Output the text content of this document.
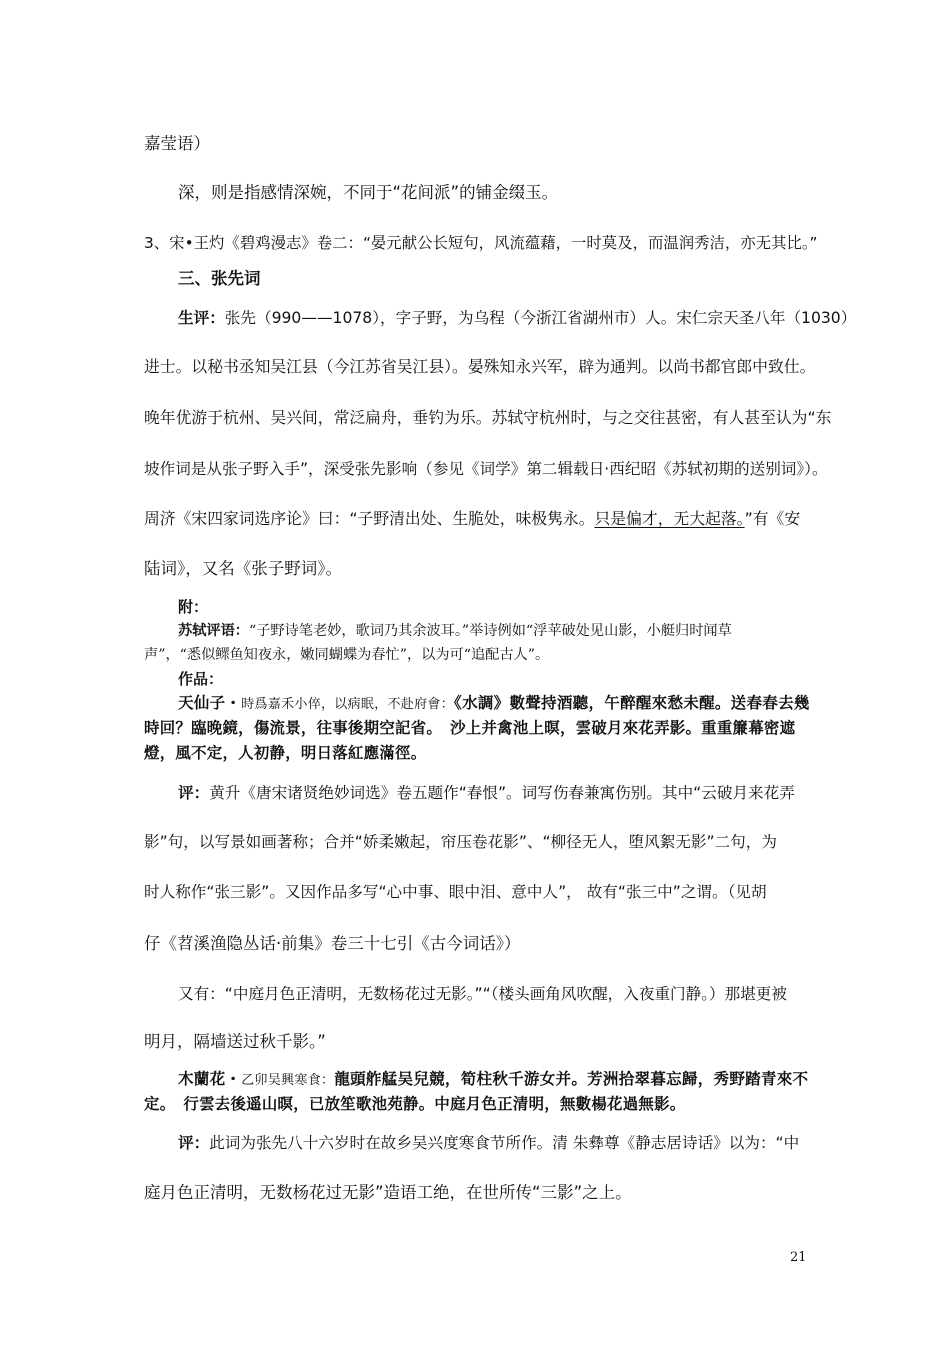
嘉莹语）
深，则是指感情深婉，不同于“花间派”的铺金缀玉。
3、宋•王灼《碧鸡漫志》卷二：“晏元献公长短句，风流蕴藉，一时莫及，而温润秀洁，亦无其比。”
三、张先词
生评：张先（990——1078），字子野，为乌程（今浙江省湖州市）人。宋仁宗天圣八年（1030）
进士。以秘书丞知吴江县（今江苏省吴江县）。晏殊知永兴军，辟为通判。以尚书都官郎中致仕。
晚年优游于杭州、吴兴间，常泛扁舟，垂钓为乐。苏轼守杭州时，与之交往甚密，有人甚至认为“东
坡作词是从张子野入手”，深受张先影响（参见《词学》第二辑载日·西纪昭《苏轼初期的送别词》）。
周济《宋四家词选序论》曰：“子野清出处、生脆处，味极隽永。只是偏才，无大起落。”有《安
陆词》，又名《张子野词》。
附：
苏轼评语：“子野诗笔老妙，歌词乃其余波耳。”举诗例如“浮苹破处见山影，小艇归时闻草
声”，“悉似鳏鱼知夜永，嫩同蝴蝶为春忙”，以为可“追配古人”。
作品：
天仙子・時爲嘉禾小倅，以病眠，不赴府會：《水調》數聲持酒聽，午醉醒來愁未醒。送春春去幾
時回？臨晚鏡，傷流景，往事後期空記省。　沙上并禽池上暝，雲破月來花弄影。重重簾幕密遮
燈，風不定，人初静，明日落紅應滿徑。
评：黄升《唐宋诸贤绝妙词选》卷五题作“春恨”。词写伤春兼寓伤别。其中“云破月来花弄
影”句，以写景如画著称；合并“娇柔嫩起，帘压卷花影”、“柳径无人，堕风絮无影”二句，为
时人称作“张三影”。又因作品多写“心中事、眼中泪、意中人”， 故有“张三中”之谓。（见胡
仔《苕溪渔隐丛话·前集》卷三十七引《古今词话》）
又有：“中庭月色正清明，无数杨花过无影。”“（楼头画角风吹醒，入夜重门静。）那堪更被
明月，隔墙送过秋千影。”
木蘭花・乙卯吴興寒食：龍頭舴艋吴兒競，筍柱秋千游女并。芳洲拾翠暮忘歸，秀野踏青來不
定。　行雲去後遥山暝，已放笙歌池苑静。中庭月色正清明，無數楊花過無影。
评：此词为张先八十六岁时在故乡吴兴度寒食节所作。清 朱彝尊《静志居诗话》以为：“中
庭月色正清明，无数杨花过无影”造语工绝，在世所传“三影”之上。
21
